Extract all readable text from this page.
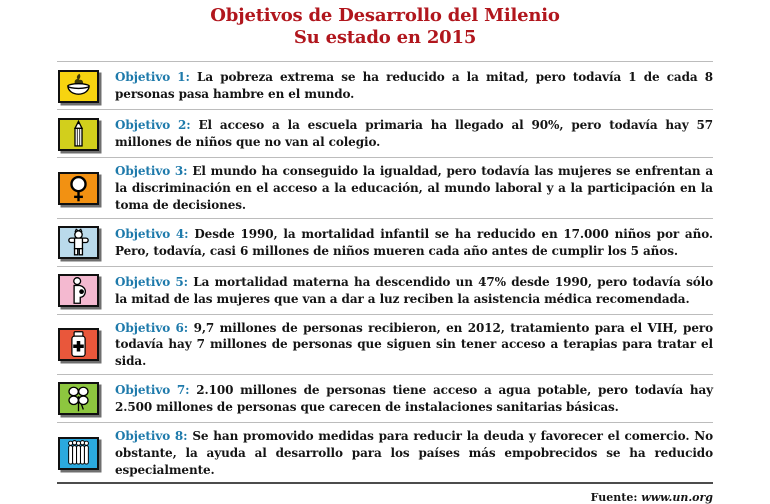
Objetivos de Desarrollo del Milenio
Su estado en 2015

Objetivo 1: La pobreza extrema se ha reducido a la mitad, pero todavía 1 de cada 8 personas pasa hambre en el mundo.

Objetivo 2: El acceso a la escuela primaria ha llegado al 90%, pero todavía hay 57 millones de niños que no van al colegio.

Objetivo 3: El mundo ha conseguido la igualdad, pero todavía las mujeres se enfrentan a la discriminación en el acceso a la educación, al mundo laboral y a la participación en la toma de decisiones.

Objetivo 4: Desde 1990, la mortalidad infantil se ha reducido en 17.000 niños por año. Pero, todavía, casi 6 millones de niños mueren cada año antes de cumplir los 5 años.

Objetivo 5: La mortalidad materna ha descendido un 47% desde 1990, pero todavía sólo la mitad de las mujeres que van a dar a luz reciben la asistencia médica recomendada.

Objetivo 6: 9,7 millones de personas recibieron, en 2012, tratamiento para el VIH, pero todavía hay 7 millones de personas que siguen sin tener acceso a terapias para tratar el sida.

Objetivo 7: 2.100 millones de personas tiene acceso a agua potable, pero todavía hay 2.500 millones de personas que carecen de instalaciones sanitarias básicas.

Objetivo 8: Se han promovido medidas para reducir la deuda y favorecer el comercio. No obstante, la ayuda al desarrollo para los países más empobrecidos se ha reducido especialmente.

Fuente: www.un.org
